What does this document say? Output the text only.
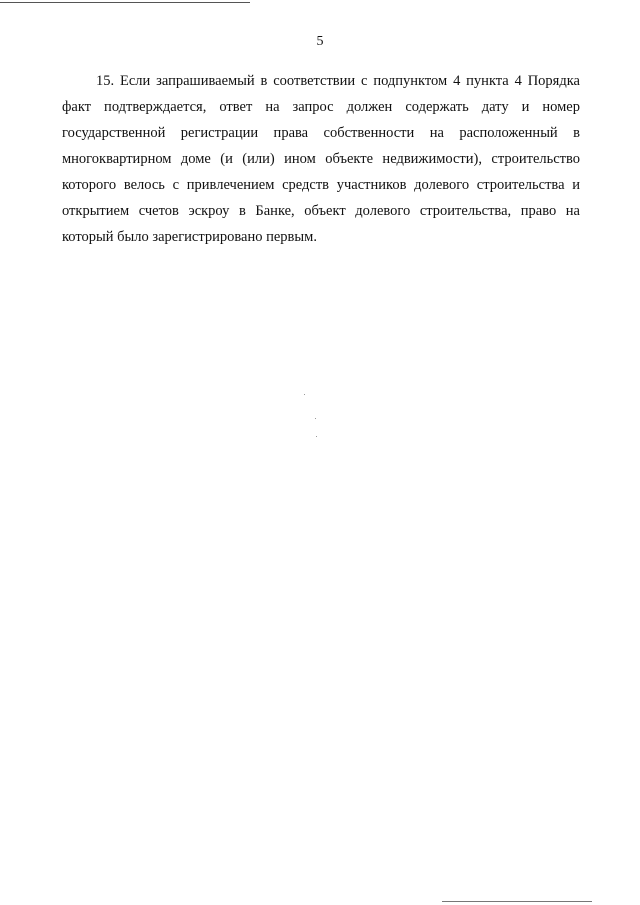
5

15. Если запрашиваемый в соответствии с подпунктом 4 пункта 4 Порядка факт подтверждается, ответ на запрос должен содержать дату и номер государственной регистрации права собственности на расположенный в многоквартирном доме (и (или) ином объекте недвижимости), строительство которого велось с привлечением средств участников долевого строительства и открытием счетов эскроу в Банке, объект долевого строительства, право на который было зарегистрировано первым.
